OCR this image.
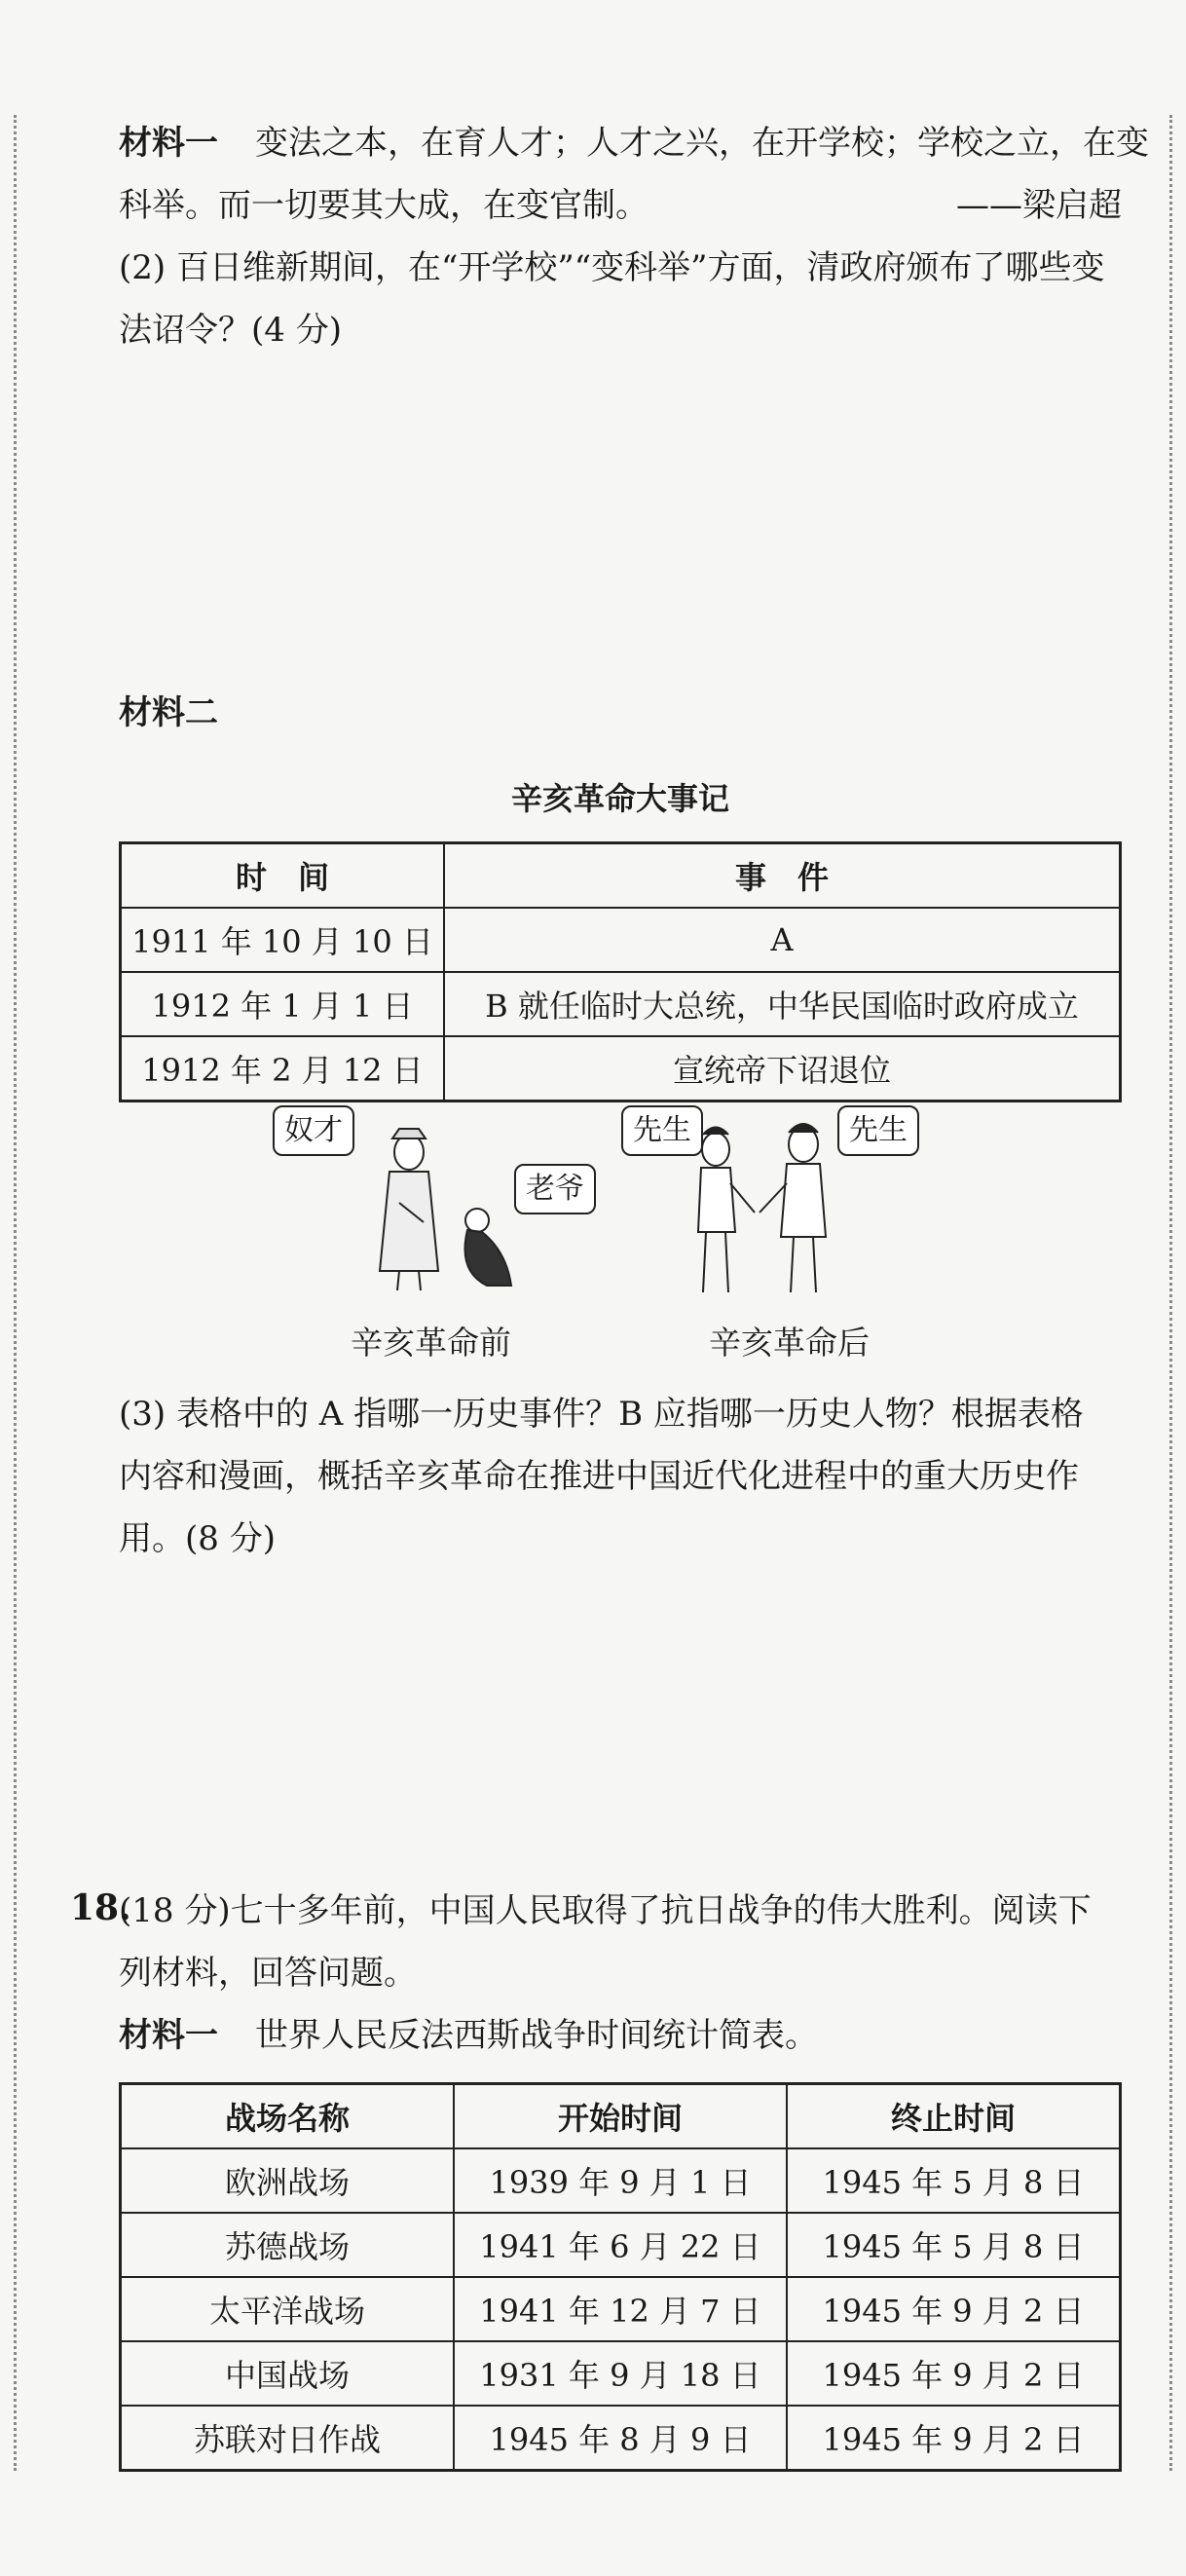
材料一 变法之本，在育人才；人才之兴，在开学校；学校之立，在变
科举。而一切要其大成，在变官制。	——梁启超
(2) 百日维新期间，在“开学校”“变科举”方面，清政府颁布了哪些变
法诏令？(4 分)
材料二
辛亥革命大事记
时　间	事　件
1911 年 10 月 10 日	A
1912 年 1 月 1 日	B 就任临时大总统，中华民国临时政府成立
1912 年 2 月 12 日	宣统帝下诏退位
奴才
老爷
先生	先生
辛亥革命前	辛亥革命后
(3) 表格中的 A 指哪一历史事件？B 应指哪一历史人物？根据表格
内容和漫画，概括辛亥革命在推进中国近代化进程中的重大历史作
用。(8 分)
18.
(18 分)七十多年前，中国人民取得了抗日战争的伟大胜利。阅读下
列材料，回答问题。
材料一 世界人民反法西斯战争时间统计简表。
战场名称	开始时间	终止时间
欧洲战场	1939 年 9 月 1 日	1945 年 5 月 8 日
苏德战场	1941 年 6 月 22 日	1945 年 5 月 8 日
太平洋战场	1941 年 12 月 7 日	1945 年 9 月 2 日
中国战场	1931 年 9 月 18 日	1945 年 9 月 2 日
苏联对日作战	1945 年 8 月 9 日	1945 年 9 月 2 日
